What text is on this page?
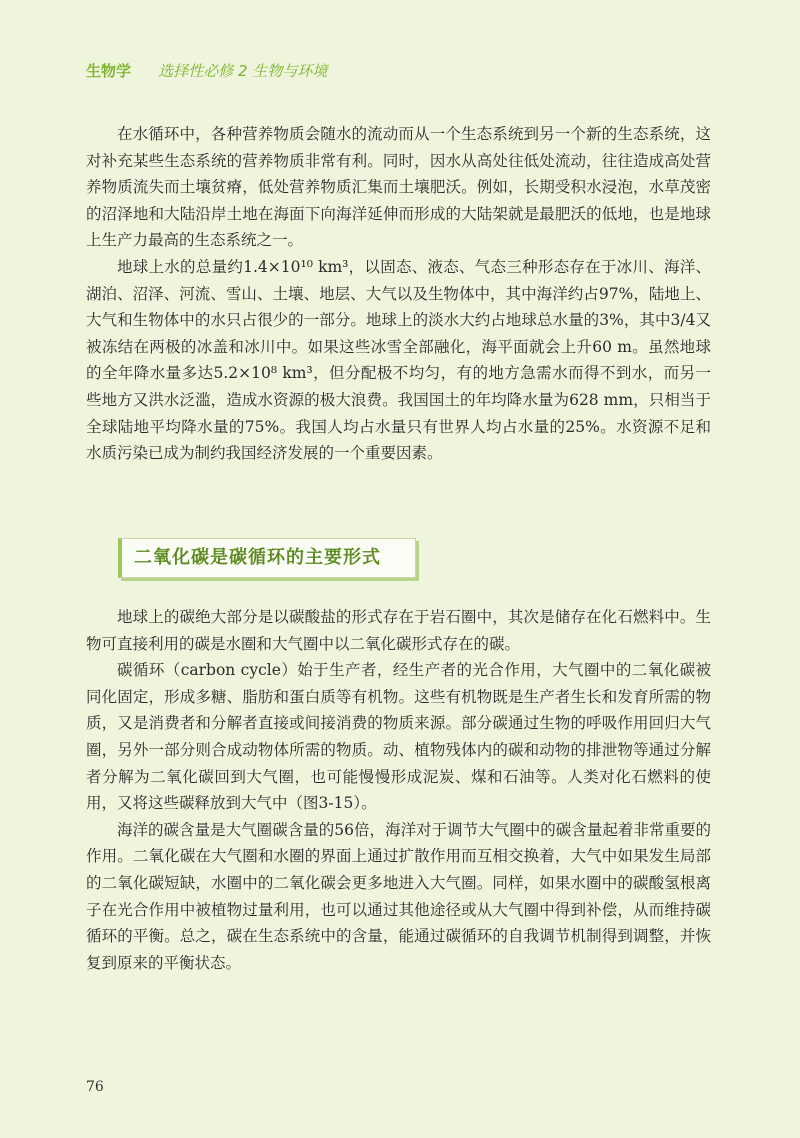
生物学 选择性必修 2 生物与环境

在水循环中，各种营养物质会随水的流动而从一个生态系统到另一个新的生态系统，这对补充某些生态系统的营养物质非常有利。同时，因水从高处往低处流动，往往造成高处营养物质流失而土壤贫瘠，低处营养物质汇集而土壤肥沃。例如，长期受积水浸泡，水草茂密的沼泽地和大陆沿岸土地在海面下向海洋延伸而形成的大陆架就是最肥沃的低地，也是地球上生产力最高的生态系统之一。

地球上水的总量约1.4×10¹⁰ km³，以固态、液态、气态三种形态存在于冰川、海洋、湖泊、沼泽、河流、雪山、土壤、地层、大气以及生物体中，其中海洋约占97%，陆地上、大气和生物体中的水只占很少的一部分。地球上的淡水大约占地球总水量的3%，其中3/4又被冻结在两极的冰盖和冰川中。如果这些冰雪全部融化，海平面就会上升60 m。虽然地球的全年降水量多达5.2×10⁸ km³，但分配极不均匀，有的地方急需水而得不到水，而另一些地方又洪水泛滥，造成水资源的极大浪费。我国国土的年均降水量为628 mm，只相当于全球陆地平均降水量的75%。我国人均占水量只有世界人均占水量的25%。水资源不足和水质污染已成为制约我国经济发展的一个重要因素。

二氧化碳是碳循环的主要形式

地球上的碳绝大部分是以碳酸盐的形式存在于岩石圈中，其次是储存在化石燃料中。生物可直接利用的碳是水圈和大气圈中以二氧化碳形式存在的碳。

碳循环（carbon cycle）始于生产者，经生产者的光合作用，大气圈中的二氧化碳被同化固定，形成多糖、脂肪和蛋白质等有机物。这些有机物既是生产者生长和发育所需的物质，又是消费者和分解者直接或间接消费的物质来源。部分碳通过生物的呼吸作用回归大气圈，另外一部分则合成动物体所需的物质。动、植物残体内的碳和动物的排泄物等通过分解者分解为二氧化碳回到大气圈，也可能慢慢形成泥炭、煤和石油等。人类对化石燃料的使用，又将这些碳释放到大气中（图3-15）。

海洋的碳含量是大气圈碳含量的56倍，海洋对于调节大气圈中的碳含量起着非常重要的作用。二氧化碳在大气圈和水圈的界面上通过扩散作用而互相交换着，大气中如果发生局部的二氧化碳短缺，水圈中的二氧化碳会更多地进入大气圈。同样，如果水圈中的碳酸氢根离子在光合作用中被植物过量利用，也可以通过其他途径或从大气圈中得到补偿，从而维持碳循环的平衡。总之，碳在生态系统中的含量，能通过碳循环的自我调节机制得到调整，并恢复到原来的平衡状态。

76
